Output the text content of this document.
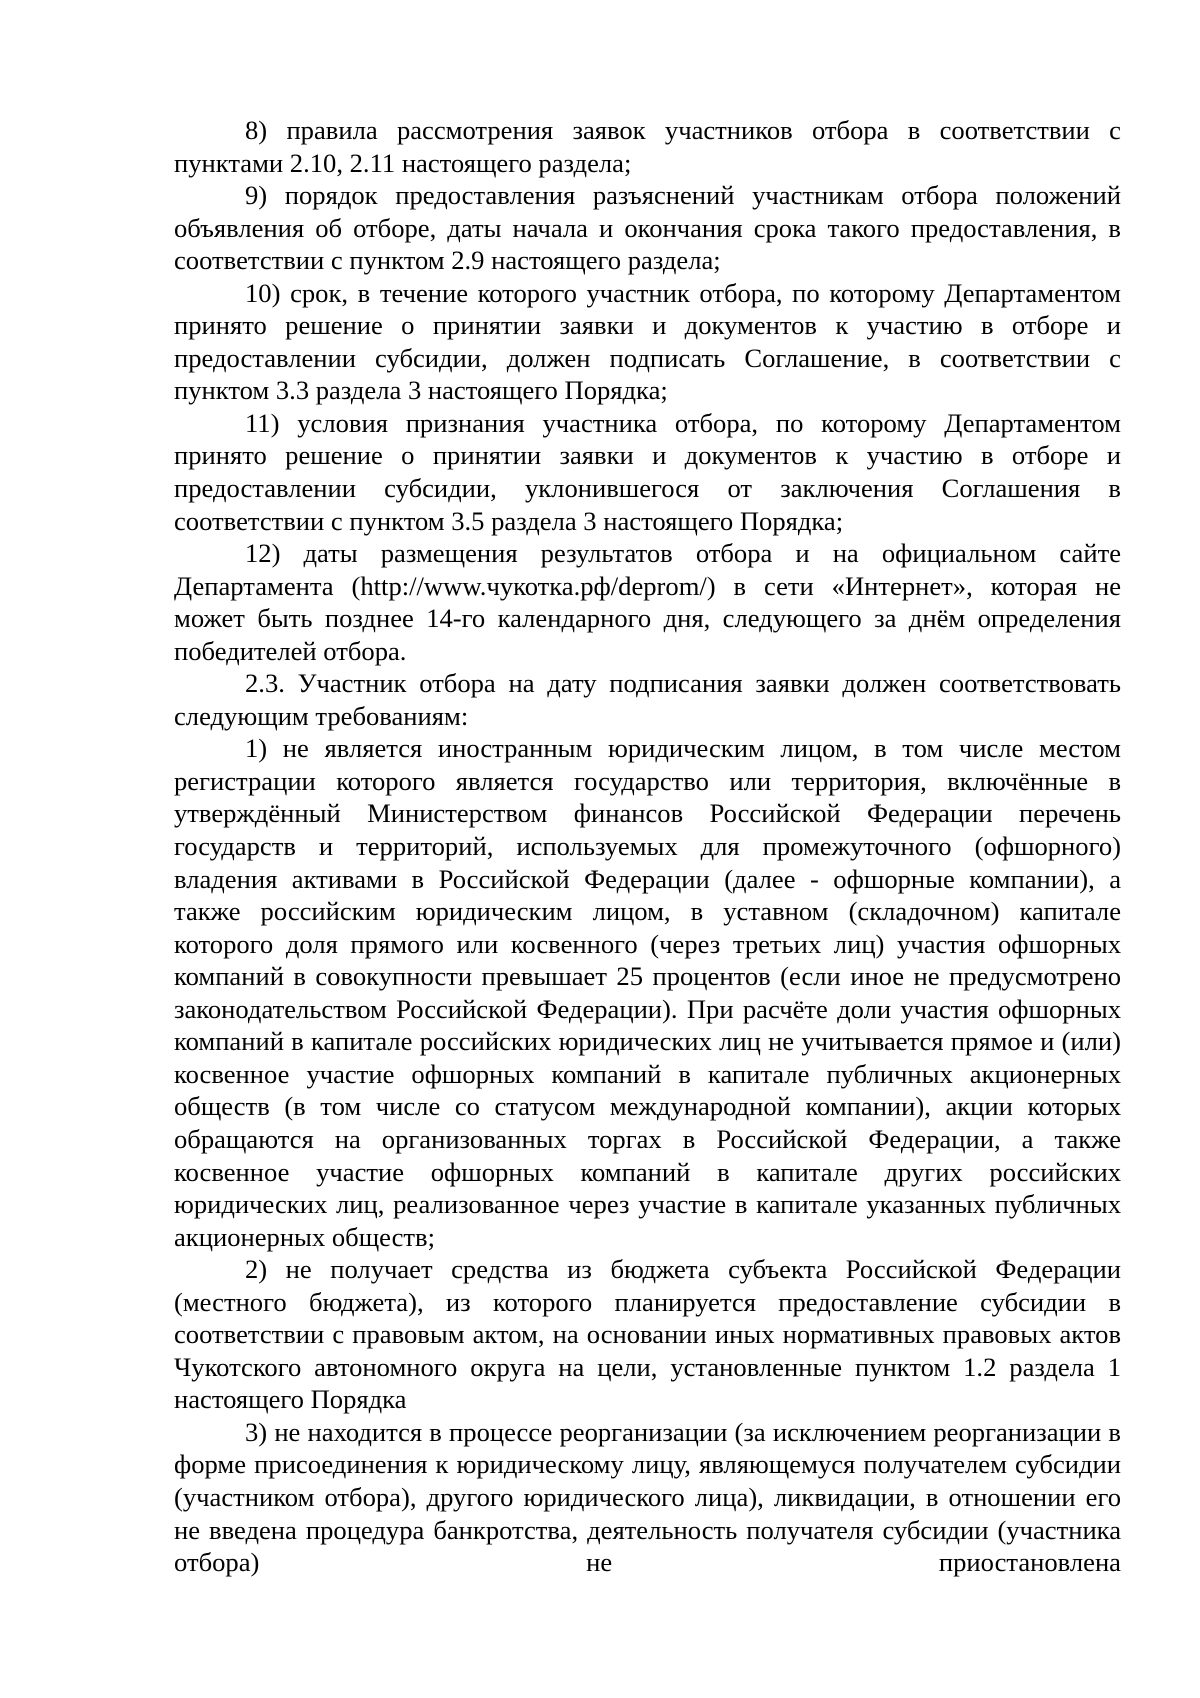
8) правила рассмотрения заявок участников отбора в соответствии с пунктами 2.10, 2.11 настоящего раздела;

9) порядок предоставления разъяснений участникам отбора положений объявления об отборе, даты начала и окончания срока такого предоставления, в соответствии с пунктом 2.9 настоящего раздела;

10) срок, в течение которого участник отбора, по которому Департаментом принято решение о принятии заявки и документов к участию в отборе и предоставлении субсидии, должен подписать Соглашение, в соответствии с пунктом 3.3 раздела 3 настоящего Порядка;

11) условия признания участника отбора, по которому Департаментом принято решение о принятии заявки и документов к участию в отборе и предоставлении субсидии, уклонившегося от заключения Соглашения в соответствии с пунктом 3.5 раздела 3 настоящего Порядка;

12) даты размещения результатов отбора и на официальном сайте Департамента (http://www.чукотка.рф/deprom/) в сети «Интернет», которая не может быть позднее 14-го календарного дня, следующего за днём определения победителей отбора.

2.3. Участник отбора на дату подписания заявки должен соответствовать следующим требованиям:

1) не является иностранным юридическим лицом, в том числе местом регистрации которого является государство или территория, включённые в утверждённый Министерством финансов Российской Федерации перечень государств и территорий, используемых для промежуточного (офшорного) владения активами в Российской Федерации (далее - офшорные компании), а также российским юридическим лицом, в уставном (складочном) капитале которого доля прямого или косвенного (через третьих лиц) участия офшорных компаний в совокупности превышает 25 процентов (если иное не предусмотрено законодательством Российской Федерации). При расчёте доли участия офшорных компаний в капитале российских юридических лиц не учитывается прямое и (или) косвенное участие офшорных компаний в капитале публичных акционерных обществ (в том числе со статусом международной компании), акции которых обращаются на организованных торгах в Российской Федерации, а также косвенное участие офшорных компаний в капитале других российских юридических лиц, реализованное через участие в капитале указанных публичных акционерных обществ;

2) не получает средства из бюджета субъекта Российской Федерации (местного бюджета), из которого планируется предоставление субсидии в соответствии с правовым актом, на основании иных нормативных правовых актов Чукотского автономного округа на цели, установленные пунктом 1.2 раздела 1 настоящего Порядка

3) не находится в процессе реорганизации (за исключением реорганизации в форме присоединения к юридическому лицу, являющемуся получателем субсидии (участником отбора), другого юридического лица), ликвидации, в отношении его не введена процедура банкротства, деятельность получателя субсидии (участника отбора) не приостановлена
